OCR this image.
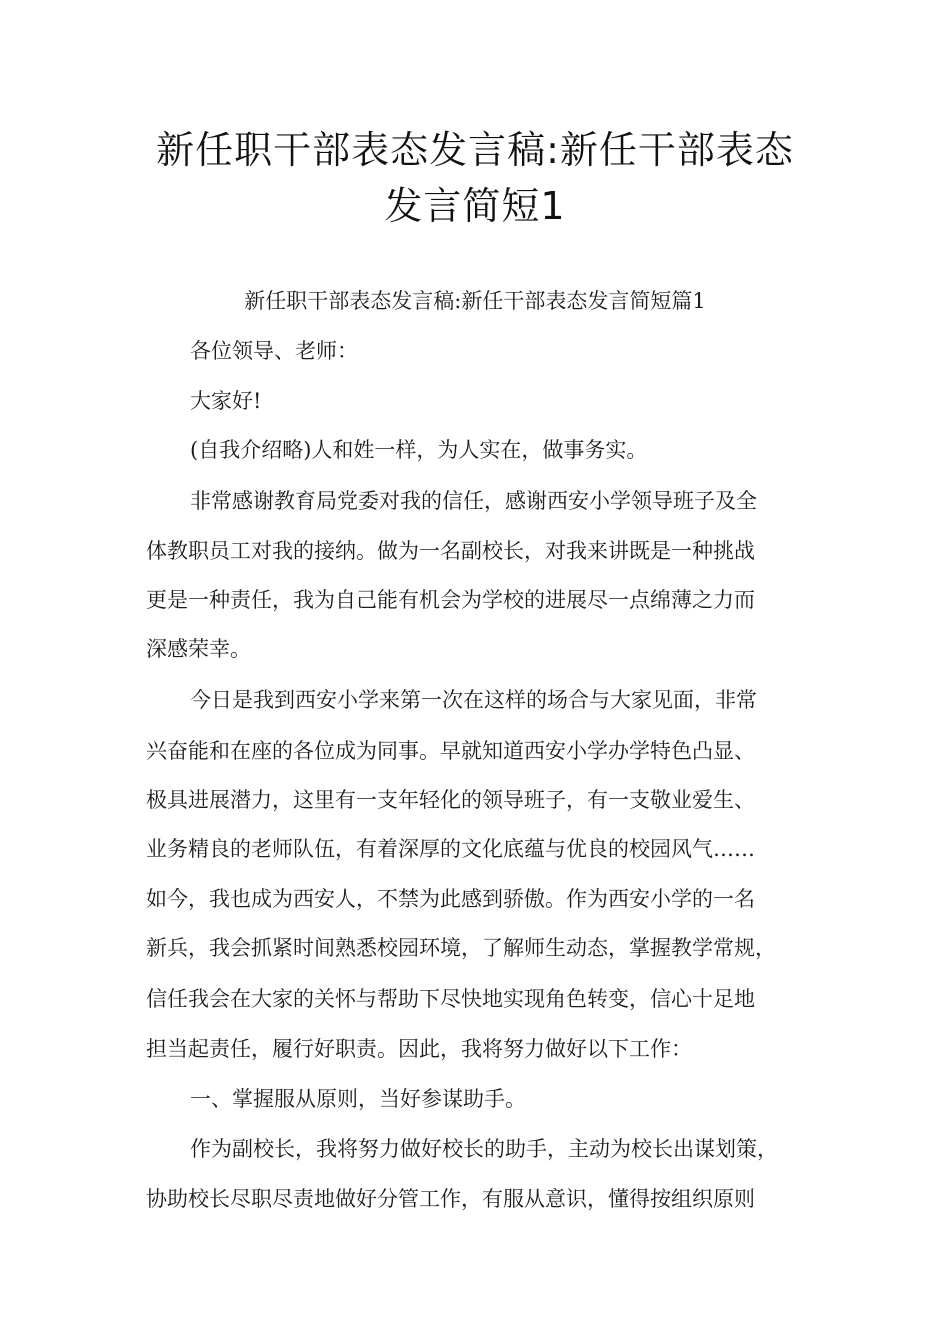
新任职干部表态发言稿:新任干部表态
发言简短1
新任职干部表态发言稿:新任干部表态发言简短篇1
各位领导、老师：
大家好!
(自我介绍略)人和姓一样，为人实在，做事务实。
非常感谢教育局党委对我的信任，感谢西安小学领导班子及全
体教职员工对我的接纳。做为一名副校长，对我来讲既是一种挑战
更是一种责任，我为自己能有机会为学校的进展尽一点绵薄之力而
深感荣幸。
今日是我到西安小学来第一次在这样的场合与大家见面，非常
兴奋能和在座的各位成为同事。早就知道西安小学办学特色凸显、
极具进展潜力，这里有一支年轻化的领导班子，有一支敬业爱生、
业务精良的老师队伍，有着深厚的文化底蕴与优良的校园风气……
如今，我也成为西安人，不禁为此感到骄傲。作为西安小学的一名
新兵，我会抓紧时间熟悉校园环境，了解师生动态，掌握教学常规，
信任我会在大家的关怀与帮助下尽快地实现角色转变，信心十足地
担当起责任，履行好职责。因此，我将努力做好以下工作：
一、掌握服从原则，当好参谋助手。
作为副校长，我将努力做好校长的助手，主动为校长出谋划策，
协助校长尽职尽责地做好分管工作，有服从意识，懂得按组织原则
